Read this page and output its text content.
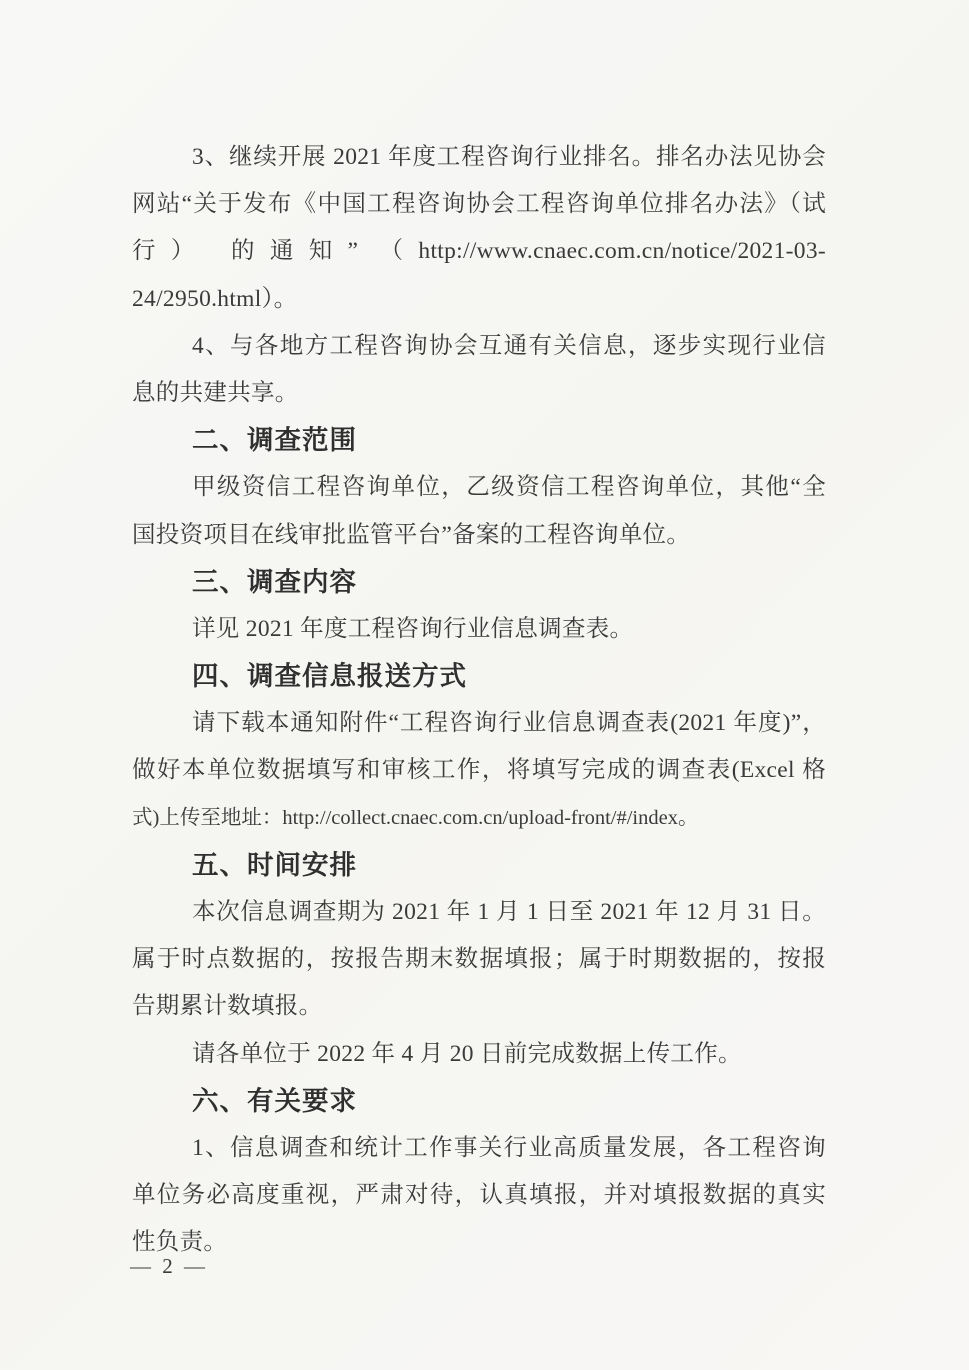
3、继续开展 2021 年度工程咨询行业排名。排名办法见协会
网站“关于发布《中国工程咨询协会工程咨询单位排名办法》（试
行） 的通知” （http://www.cnaec.com.cn/notice/2021-03-
24/2950.html）。
4、与各地方工程咨询协会互通有关信息，逐步实现行业信
息的共建共享。
二、调查范围
甲级资信工程咨询单位，乙级资信工程咨询单位，其他“全
国投资项目在线审批监管平台”备案的工程咨询单位。
三、调查内容
详见 2021 年度工程咨询行业信息调查表。
四、调查信息报送方式
请下载本通知附件“工程咨询行业信息调查表(2021 年度)”，
做好本单位数据填写和审核工作，将填写完成的调查表(Excel 格
式)上传至地址：http://collect.cnaec.com.cn/upload-front/#/index。
五、时间安排
本次信息调查期为 2021 年 1 月 1 日至 2021 年 12 月 31 日。
属于时点数据的，按报告期末数据填报；属于时期数据的，按报
告期累计数填报。
请各单位于 2022 年 4 月 20 日前完成数据上传工作。
六、有关要求
1、信息调查和统计工作事关行业高质量发展，各工程咨询
单位务必高度重视，严肃对待，认真填报，并对填报数据的真实
性负责。
— 2 —
